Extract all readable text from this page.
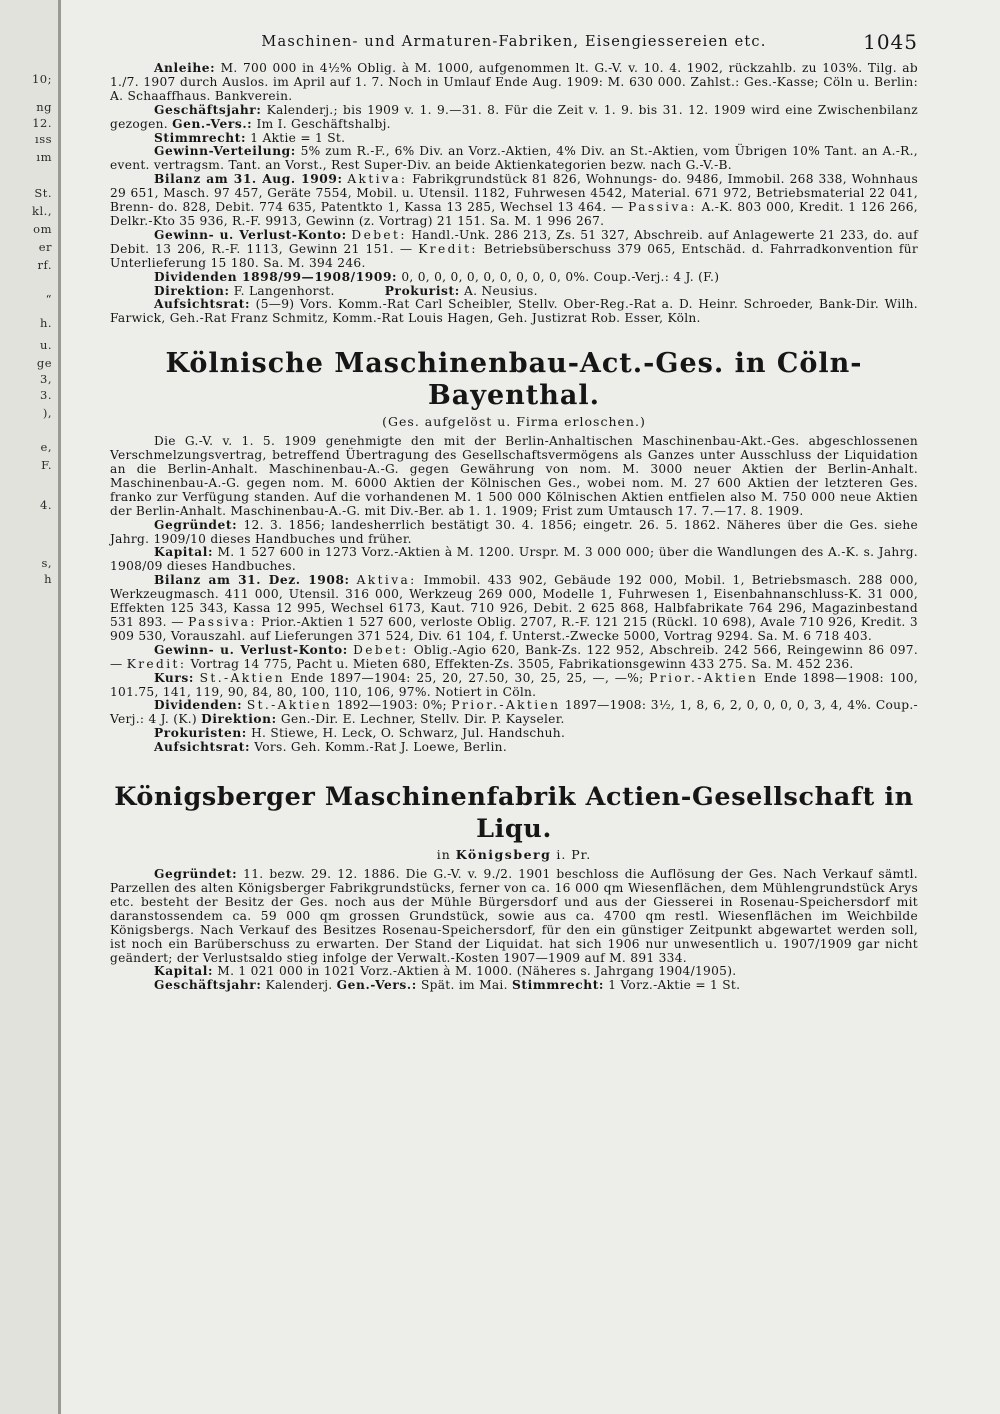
10;
ng
12.
ıss
ım
St.
kl.,
om
er
rf.
“
h.
u.
ge
3,
3.
),
e,
F.
4.
s,
h
Maschinen- und Armaturen-Fabriken, Eisengiessereien etc.	1045

Anleihe: M. 700 000 in 4½% Oblig. à M. 1000, aufgenommen lt. G.-V. v. 10. 4. 1902, rückzahlb. zu 103%. Tilg. ab 1./7. 1907 durch Auslos. im April auf 1. 7. Noch in Umlauf Ende Aug. 1909: M. 630 000. Zahlst.: Ges.-Kasse; Cöln u. Berlin: A. Schaaffhaus. Bankverein.

Geschäftsjahr: Kalenderj.; bis 1909 v. 1. 9.—31. 8. Für die Zeit v. 1. 9. bis 31. 12. 1909 wird eine Zwischenbilanz gezogen. Gen.-Vers.: Im I. Geschäftshalbj.

Stimmrecht: 1 Aktie = 1 St.

Gewinn-Verteilung: 5% zum R.-F., 6% Div. an Vorz.-Aktien, 4% Div. an St.-Aktien, vom Übrigen 10% Tant. an A.-R., event. vertragsm. Tant. an Vorst., Rest Super-Div. an beide Aktienkategorien bezw. nach G.-V.-B.

Bilanz am 31. Aug. 1909: Aktiva: Fabrikgrundstück 81 826, Wohnungs- do. 9486, Immobil. 268 338, Wohnhaus 29 651, Masch. 97 457, Geräte 7554, Mobil. u. Utensil. 1182, Fuhrwesen 4542, Material. 671 972, Betriebsmaterial 22 041, Brenn- do. 828, Debit. 774 635, Patentkto 1, Kassa 13 285, Wechsel 13 464. — Passiva: A.-K. 803 000, Kredit. 1 126 266, Delkr.-Kto 35 936, R.-F. 9913, Gewinn (z. Vortrag) 21 151. Sa. M. 1 996 267.

Gewinn- u. Verlust-Konto: Debet: Handl.-Unk. 286 213, Zs. 51 327, Abschreib. auf Anlagewerte 21 233, do. auf Debit. 13 206, R.-F. 1113, Gewinn 21 151. — Kredit: Betriebsüberschuss 379 065, Entschäd. d. Fahrradkonvention für Unterlieferung 15 180. Sa. M. 394 246.

Dividenden 1898/99—1908/1909: 0, 0, 0, 0, 0, 0, 0, 0, 0, 0, 0%. Coup.-Verj.: 4 J. (F.)

Direktion: F. Langenhorst.	Prokurist: A. Neusius.

Aufsichtsrat: (5—9) Vors. Komm.-Rat Carl Scheibler, Stellv. Ober-Reg.-Rat a. D. Heinr. Schroeder, Bank-Dir. Wilh. Farwick, Geh.-Rat Franz Schmitz, Komm.-Rat Louis Hagen, Geh. Justizrat Rob. Esser, Köln.

Kölnische Maschinenbau-Act.-Ges. in Cöln-Bayenthal.
(Ges. aufgelöst u. Firma erloschen.)

Die G.-V. v. 1. 5. 1909 genehmigte den mit der Berlin-Anhaltischen Maschinenbau-Akt.-Ges. abgeschlossenen Verschmelzungsvertrag, betreffend Übertragung des Gesellschaftsvermögens als Ganzes unter Ausschluss der Liquidation an die Berlin-Anhalt. Maschinenbau-A.-G. gegen Gewährung von nom. M. 3000 neuer Aktien der Berlin-Anhalt. Maschinenbau-A.-G. gegen nom. M. 6000 Aktien der Kölnischen Ges., wobei nom. M. 27 600 Aktien der letzteren Ges. franko zur Verfügung standen. Auf die vorhandenen M. 1 500 000 Kölnischen Aktien entfielen also M. 750 000 neue Aktien der Berlin-Anhalt. Maschinenbau-A.-G. mit Div.-Ber. ab 1. 1. 1909; Frist zum Umtausch 17. 7.—17. 8. 1909.

Gegründet: 12. 3. 1856; landesherrlich bestätigt 30. 4. 1856; eingetr. 26. 5. 1862. Näheres über die Ges. siehe Jahrg. 1909/10 dieses Handbuches und früher.

Kapital: M. 1 527 600 in 1273 Vorz.-Aktien à M. 1200. Urspr. M. 3 000 000; über die Wandlungen des A.-K. s. Jahrg. 1908/09 dieses Handbuches.

Bilanz am 31. Dez. 1908: Aktiva: Immobil. 433 902, Gebäude 192 000, Mobil. 1, Betriebsmasch. 288 000, Werkzeugmasch. 411 000, Utensil. 316 000, Werkzeug 269 000, Modelle 1, Fuhrwesen 1, Eisenbahnanschluss-K. 31 000, Effekten 125 343, Kassa 12 995, Wechsel 6173, Kaut. 710 926, Debit. 2 625 868, Halbfabrikate 764 296, Magazinbestand 531 893. — Passiva: Prior.-Aktien 1 527 600, verloste Oblig. 2707, R.-F. 121 215 (Rückl. 10 698), Avale 710 926, Kredit. 3 909 530, Vorauszahl. auf Lieferungen 371 524, Div. 61 104, f. Unterst.-Zwecke 5000, Vortrag 9294. Sa. M. 6 718 403.

Gewinn- u. Verlust-Konto: Debet: Oblig.-Agio 620, Bank-Zs. 122 952, Abschreib. 242 566, Reingewinn 86 097. — Kredit: Vortrag 14 775, Pacht u. Mieten 680, Effekten-Zs. 3505, Fabrikationsgewinn 433 275. Sa. M. 452 236.

Kurs: St.-Aktien Ende 1897—1904: 25, 20, 27.50, 30, 25, 25, —, —%; Prior.-Aktien Ende 1898—1908: 100, 101.75, 141, 119, 90, 84, 80, 100, 110, 106, 97%. Notiert in Cöln.

Dividenden: St.-Aktien 1892—1903: 0%; Prior.-Aktien 1897—1908: 3½, 1, 8, 6, 2, 0, 0, 0, 0, 3, 4, 4%. Coup.-Verj.: 4 J. (K.) Direktion: Gen.-Dir. E. Lechner, Stellv. Dir. P. Kayseler.

Prokuristen: H. Stiewe, H. Leck, O. Schwarz, Jul. Handschuh.

Aufsichtsrat: Vors. Geh. Komm.-Rat J. Loewe, Berlin.

Königsberger Maschinenfabrik Actien-Gesellschaft in Liqu.
in Königsberg i. Pr.

Gegründet: 11. bezw. 29. 12. 1886. Die G.-V. v. 9./2. 1901 beschloss die Auflösung der Ges. Nach Verkauf sämtl. Parzellen des alten Königsberger Fabrikgrundstücks, ferner von ca. 16 000 qm Wiesenflächen, dem Mühlengrundstück Arys etc. besteht der Besitz der Ges. noch aus der Mühle Bürgersdorf und aus der Giesserei in Rosenau-Speichersdorf mit daranstossendem ca. 59 000 qm grossen Grundstück, sowie aus ca. 4700 qm restl. Wiesenflächen im Weichbilde Königsbergs. Nach Verkauf des Besitzes Rosenau-Speichersdorf, für den ein günstiger Zeitpunkt abgewartet werden soll, ist noch ein Barüberschuss zu erwarten. Der Stand der Liquidat. hat sich 1906 nur unwesentlich u. 1907/1909 gar nicht geändert; der Verlustsaldo stieg infolge der Verwalt.-Kosten 1907—1909 auf M. 891 334.

Kapital: M. 1 021 000 in 1021 Vorz.-Aktien à M. 1000. (Näheres s. Jahrgang 1904/1905).

Geschäftsjahr: Kalenderj. Gen.-Vers.: Spät. im Mai. Stimmrecht: 1 Vorz.-Aktie = 1 St.
